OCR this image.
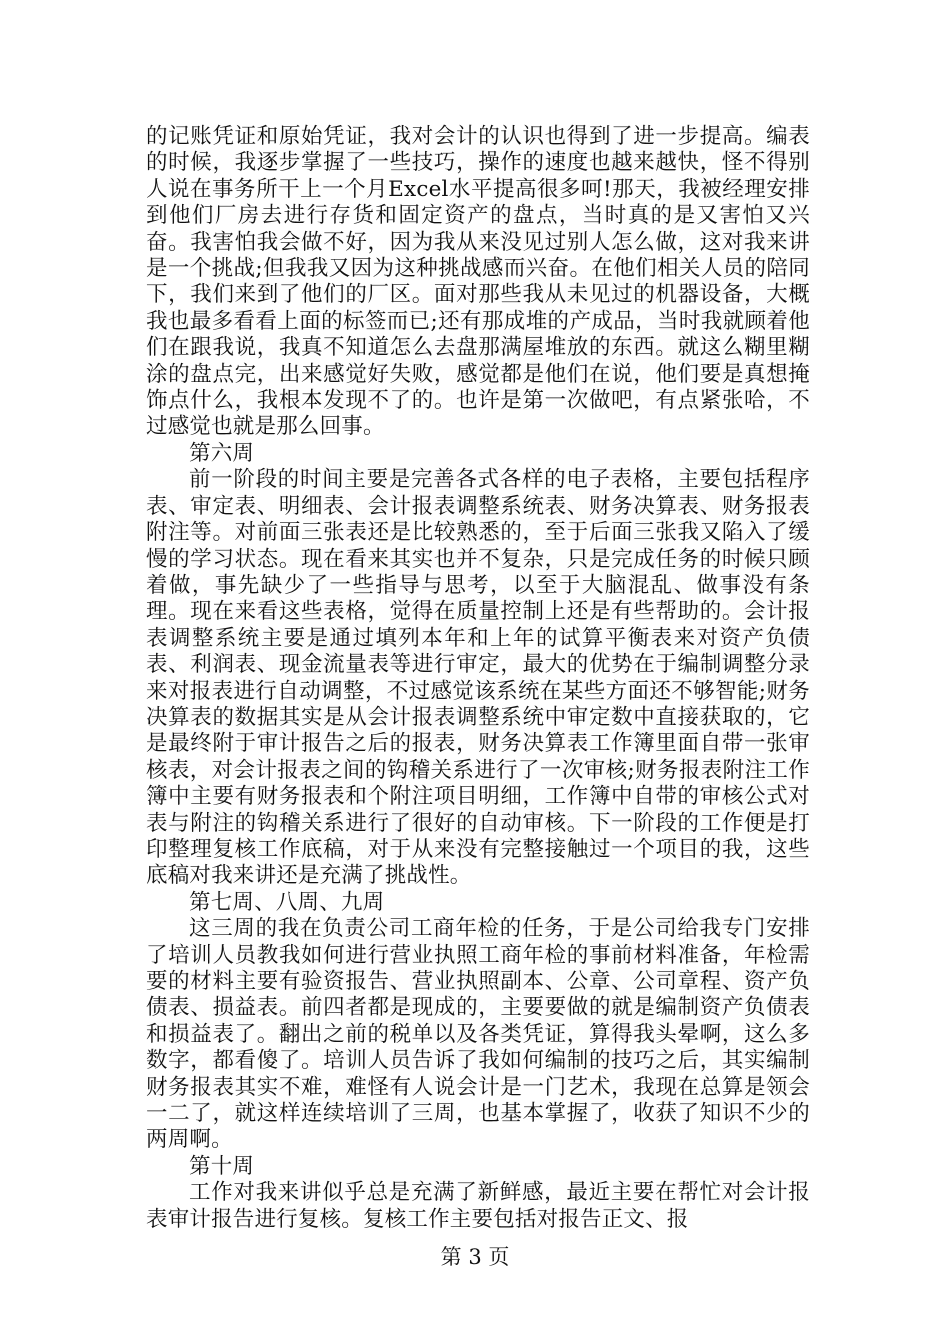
的记账凭证和原始凭证，我对会计的认识也得到了进一步提高。编表的时候，我逐步掌握了一些技巧，操作的速度也越来越快，怪不得别人说在事务所干上一个月Excel水平提高很多呵!那天，我被经理安排到他们厂房去进行存货和固定资产的盘点，当时真的是又害怕又兴奋。我害怕我会做不好，因为我从来没见过别人怎么做，这对我来讲是一个挑战;但我我又因为这种挑战感而兴奋。在他们相关人员的陪同下，我们来到了他们的厂区。面对那些我从未见过的机器设备，大概我也最多看看上面的标签而已;还有那成堆的产成品，当时我就顾着他们在跟我说，我真不知道怎么去盘那满屋堆放的东西。就这么糊里糊涂的盘点完，出来感觉好失败，感觉都是他们在说，他们要是真想掩饰点什么，我根本发现不了的。也许是第一次做吧，有点紧张哈，不过感觉也就是那么回事。

第六周

前一阶段的时间主要是完善各式各样的电子表格，主要包括程序表、审定表、明细表、会计报表调整系统表、财务决算表、财务报表附注等。对前面三张表还是比较熟悉的，至于后面三张我又陷入了缓慢的学习状态。现在看来其实也并不复杂，只是完成任务的时候只顾着做，事先缺少了一些指导与思考，以至于大脑混乱、做事没有条理。现在来看这些表格，觉得在质量控制上还是有些帮助的。会计报表调整系统主要是通过填列本年和上年的试算平衡表来对资产负债表、利润表、现金流量表等进行审定，最大的优势在于编制调整分录来对报表进行自动调整，不过感觉该系统在某些方面还不够智能;财务决算表的数据其实是从会计报表调整系统中审定数中直接获取的，它是最终附于审计报告之后的报表，财务决算表工作簿里面自带一张审核表，对会计报表之间的钩稽关系进行了一次审核;财务报表附注工作簿中主要有财务报表和个附注项目明细，工作簿中自带的审核公式对表与附注的钩稽关系进行了很好的自动审核。下一阶段的工作便是打印整理复核工作底稿，对于从来没有完整接触过一个项目的我，这些底稿对我来讲还是充满了挑战性。

第七周、八周、九周

这三周的我在负责公司工商年检的任务，于是公司给我专门安排了培训人员教我如何进行营业执照工商年检的事前材料准备，年检需要的材料主要有验资报告、营业执照副本、公章、公司章程、资产负债表、损益表。前四者都是现成的，主要要做的就是编制资产负债表和损益表了。翻出之前的税单以及各类凭证，算得我头晕啊，这么多数字，都看傻了。培训人员告诉了我如何编制的技巧之后，其实编制财务报表其实不难，难怪有人说会计是一门艺术，我现在总算是领会一二了，就这样连续培训了三周，也基本掌握了，收获了知识不少的两周啊。

第十周

工作对我来讲似乎总是充满了新鲜感，最近主要在帮忙对会计报表审计报告进行复核。复核工作主要包括对报告正文、报

第 3 页
